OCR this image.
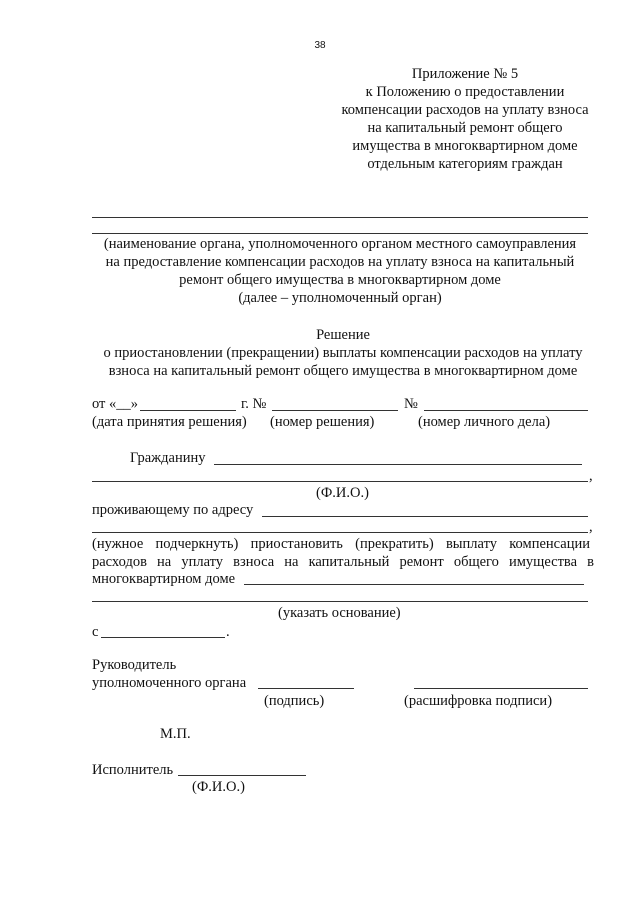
38
Приложение № 5
к Положению о предоставлении
компенсации расходов на уплату взноса
на капитальный ремонт общего
имущества в многоквартирном доме
отдельным категориям граждан
(наименование органа, уполномоченного органом местного самоуправления
на предоставление компенсации расходов на уплату взноса на капитальный
ремонт общего имущества в многоквартирном доме
(далее – уполномоченный орган)
Решение
о приостановлении (прекращении) выплаты компенсации расходов на уплату
взноса на капитальный ремонт общего имущества в многоквартирном доме
от «__»	г. №	№
(дата принятия решения) (номер решения)	(номер личного дела)
Гражданину
,
(Ф.И.О.)
проживающему по адресу
,
(нужное подчеркнуть) приостановить (прекратить) выплату компенсации
расходов на уплату взноса на капитальный ремонт общего имущества в
многоквартирном доме
(указать основание)
с	.
Руководитель
уполномоченного органа
(подпись)	(расшифровка подписи)
М.П.
Исполнитель
(Ф.И.О.)
